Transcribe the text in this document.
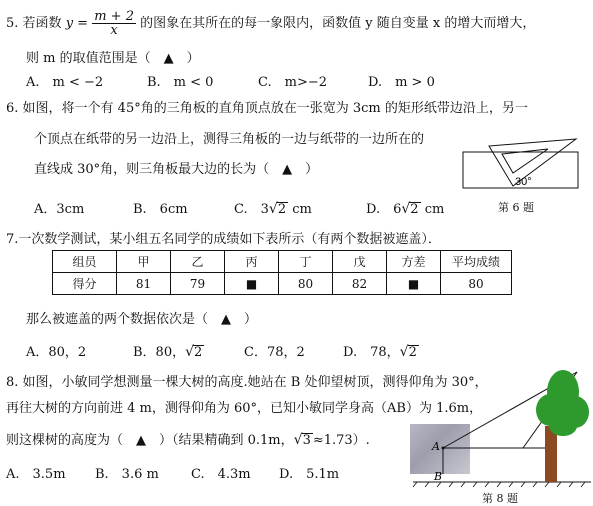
5. 若函数 $y = \frac{m + 2}{x}$ 的图象在其所在的每一象限内，函数值 y 随自变量 x 的增大而增大，
则 m 的取值范围是（　▲　）
A.　m < −2	B.　m < 0	C.　m>−2	D.　m > 0
6. 如图，将一个有 45°角的三角板的直角顶点放在一张宽为 3cm 的矩形纸带边沿上，另一
个顶点在纸带的另一边沿上，测得三角板的一边与纸带的一边所在的
直线成 30°角，则三角板最大边的长为（　▲　）
A．3cm	B.　6cm	C.　3√2 cm	D.　6√2 cm
30°
第 6 题
7.一次数学测试，某小组五名同学的成绩如下表所示（有两个数据被遮盖）．
组员	甲	乙	丙	丁	戊	方差	平均成绩
得分	81	79	■	80	82	■	80
那么被遮盖的两个数据依次是（　▲　）
A．80，2	B．80，√2	C．78，2	D.　78，√2
8. 如图，小敏同学想测量一棵大树的高度.她站在 B 处仰望树顶，测得仰角为 30°，
再往大树的方向前进 4 m，测得仰角为 60°，已知小敏同学身高（AB）为 1.6m，
则这棵树的高度为（　▲　）（结果精确到 0.1m，√3 ≈1.73）.
A.　3.5m B.　3.6 m C.　4.3m D.　5.1m
A
B
第 8 题
